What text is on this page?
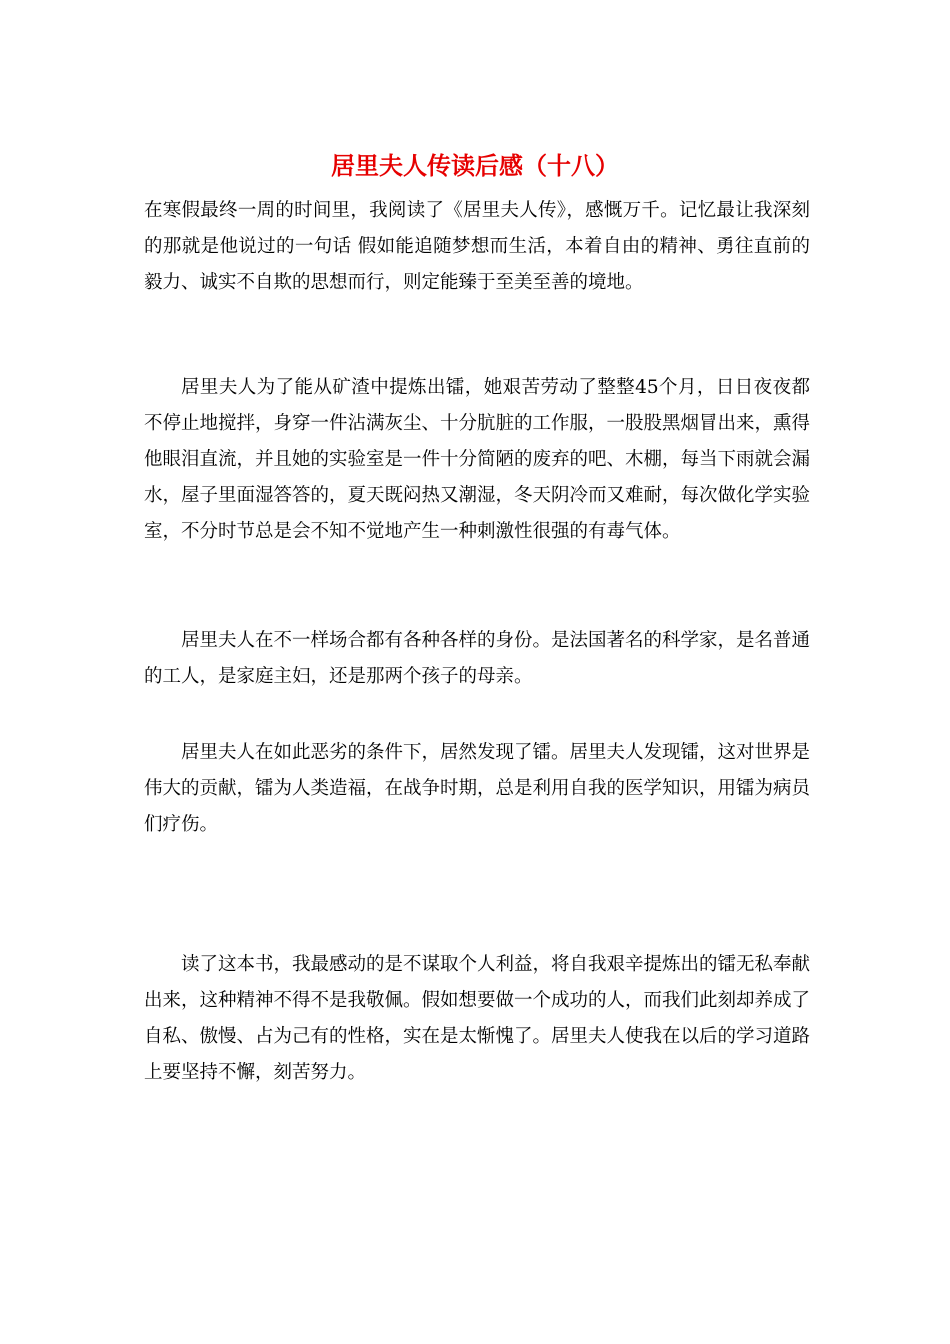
居里夫人传读后感（十八）

在寒假最终一周的时间里，我阅读了《居里夫人传》，感慨万千。记忆最让我深刻的那就是他说过的一句话 假如能追随梦想而生活，本着自由的精神、勇往直前的毅力、诚实不自欺的思想而行，则定能臻于至美至善的境地。

居里夫人为了能从矿渣中提炼出镭，她艰苦劳动了整整45个月，日日夜夜都不停止地搅拌，身穿一件沾满灰尘、十分肮脏的工作服，一股股黑烟冒出来，熏得他眼泪直流，并且她的实验室是一件十分简陋的废弃的吧、木棚，每当下雨就会漏水，屋子里面湿答答的，夏天既闷热又潮湿，冬天阴冷而又难耐，每次做化学实验室，不分时节总是会不知不觉地产生一种刺激性很强的有毒气体。

居里夫人在不一样场合都有各种各样的身份。是法国著名的科学家，是名普通的工人，是家庭主妇，还是那两个孩子的母亲。

居里夫人在如此恶劣的条件下，居然发现了镭。居里夫人发现镭，这对世界是伟大的贡献，镭为人类造福，在战争时期，总是利用自我的医学知识，用镭为病员们疗伤。

读了这本书，我最感动的是不谋取个人利益，将自我艰辛提炼出的镭无私奉献出来，这种精神不得不是我敬佩。假如想要做一个成功的人，而我们此刻却养成了自私、傲慢、占为己有的性格，实在是太惭愧了。居里夫人使我在以后的学习道路上要坚持不懈，刻苦努力。
